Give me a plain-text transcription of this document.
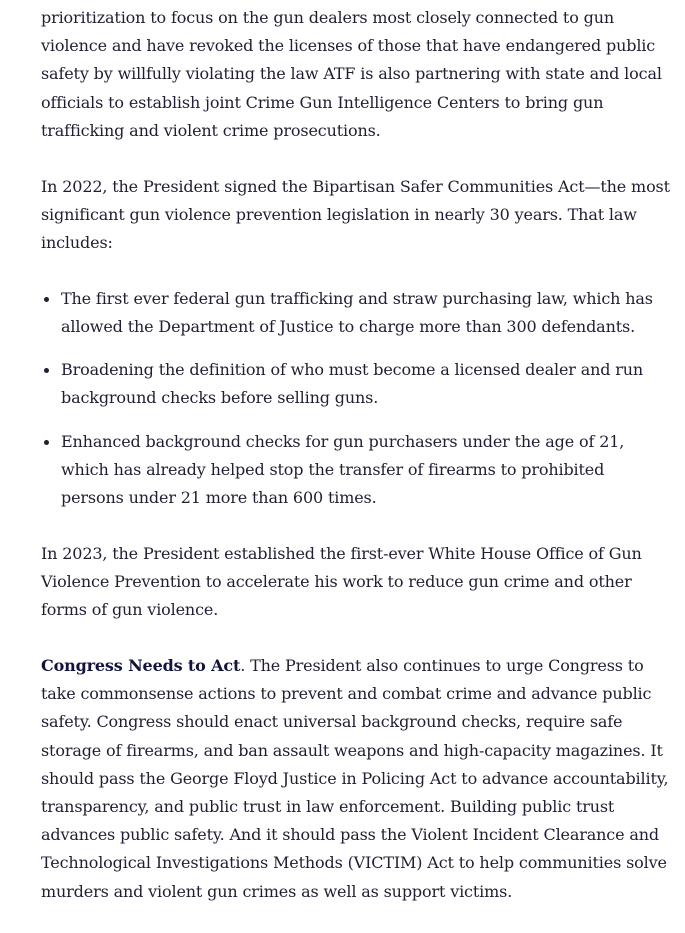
prioritization to focus on the gun dealers most closely connected to gun violence and have revoked the licenses of those that have endangered public safety by willfully violating the law ATF is also partnering with state and local officials to establish joint Crime Gun Intelligence Centers to bring gun trafficking and violent crime prosecutions.

In 2022, the President signed the Bipartisan Safer Communities Act—the most significant gun violence prevention legislation in nearly 30 years. That law includes:

The first ever federal gun trafficking and straw purchasing law, which has allowed the Department of Justice to charge more than 300 defendants.
Broadening the definition of who must become a licensed dealer and run background checks before selling guns.
Enhanced background checks for gun purchasers under the age of 21, which has already helped stop the transfer of firearms to prohibited persons under 21 more than 600 times.

In 2023, the President established the first-ever White House Office of Gun Violence Prevention to accelerate his work to reduce gun crime and other forms of gun violence.

Congress Needs to Act. The President also continues to urge Congress to take commonsense actions to prevent and combat crime and advance public safety. Congress should enact universal background checks, require safe storage of firearms, and ban assault weapons and high-capacity magazines. It should pass the George Floyd Justice in Policing Act to advance accountability, transparency, and public trust in law enforcement. Building public trust advances public safety. And it should pass the Violent Incident Clearance and Technological Investigations Methods (VICTIM) Act to help communities solve murders and violent gun crimes as well as support victims.
